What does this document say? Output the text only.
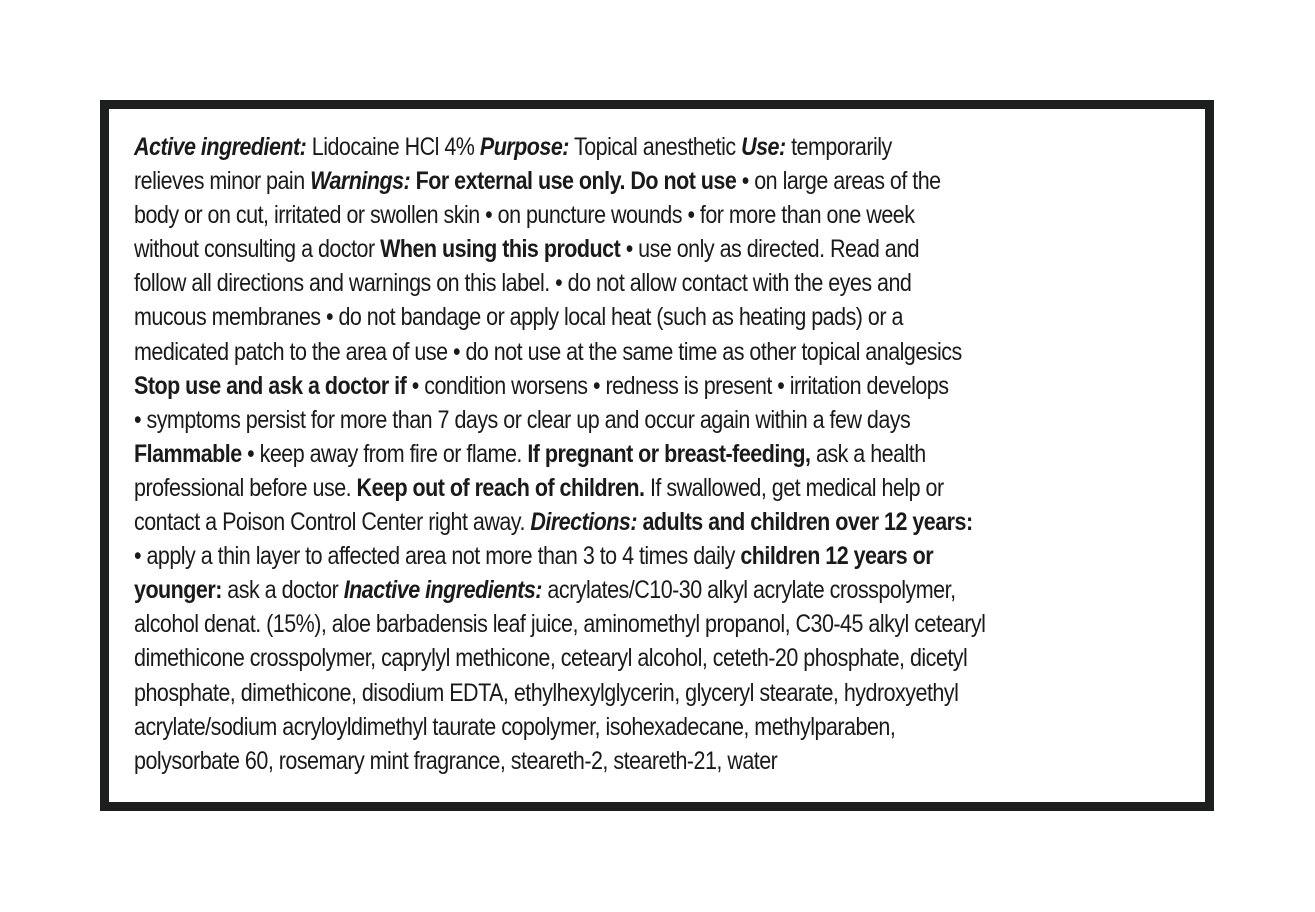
Active ingredient: Lidocaine HCl 4% Purpose: Topical anesthetic Use: temporarily
relieves minor pain Warnings: For external use only. Do not use • on large areas of the
body or on cut, irritated or swollen skin • on puncture wounds • for more than one week
without consulting a doctor When using this product • use only as directed. Read and
follow all directions and warnings on this label. • do not allow contact with the eyes and
mucous membranes • do not bandage or apply local heat (such as heating pads) or a
medicated patch to the area of use • do not use at the same time as other topical analgesics
Stop use and ask a doctor if • condition worsens • redness is present • irritation develops
• symptoms persist for more than 7 days or clear up and occur again within a few days
Flammable • keep away from fire or flame. If pregnant or breast-feeding, ask a health
professional before use. Keep out of reach of children. If swallowed, get medical help or
contact a Poison Control Center right away. Directions: adults and children over 12 years:
• apply a thin layer to affected area not more than 3 to 4 times daily children 12 years or
younger: ask a doctor Inactive ingredients: acrylates/C10-30 alkyl acrylate crosspolymer,
alcohol denat. (15%), aloe barbadensis leaf juice, aminomethyl propanol, C30-45 alkyl cetearyl
dimethicone crosspolymer, caprylyl methicone, cetearyl alcohol, ceteth-20 phosphate, dicetyl
phosphate, dimethicone, disodium EDTA, ethylhexylglycerin, glyceryl stearate, hydroxyethyl
acrylate/sodium acryloyldimethyl taurate copolymer, isohexadecane, methylparaben,
polysorbate 60, rosemary mint fragrance, steareth-2, steareth-21, water
